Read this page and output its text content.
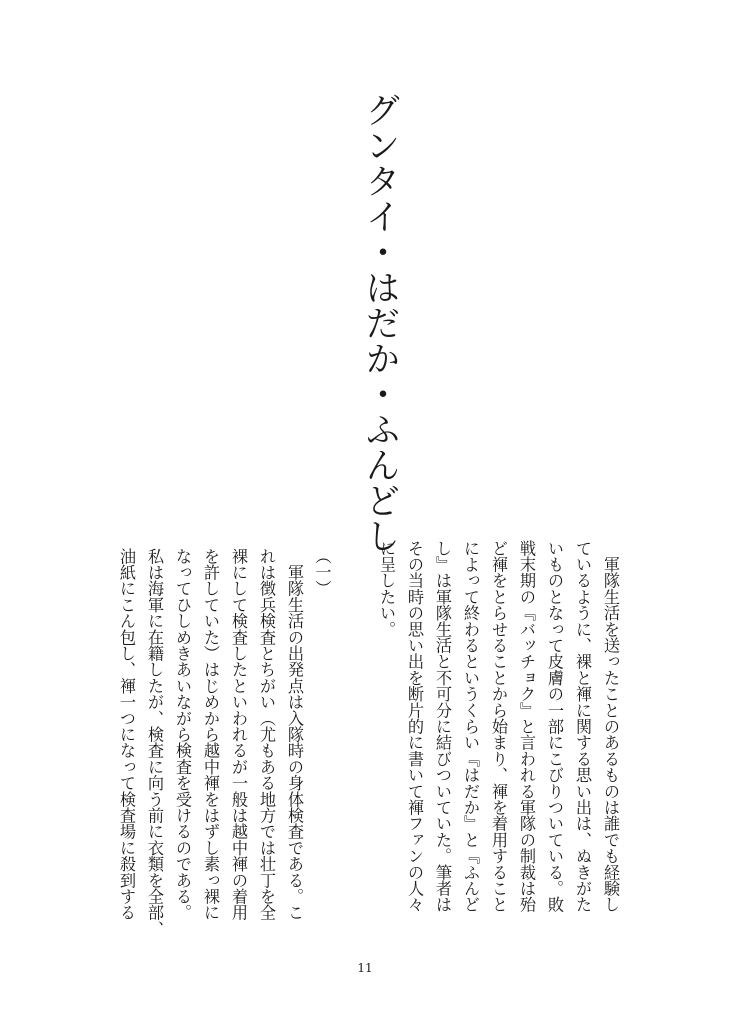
グンタイ・はだか・ふんどし
　軍隊生活を送ったことのあるものは誰でも経験し
ているように、裸と褌に関する思い出は、ぬきがた
いものとなって皮膚の一部にこびりついている。敗
戦末期の『バッチョク』と言われる軍隊の制裁は殆
ど褌をとらせることから始まり、褌を着用すること
によって終わるというくらい『はだか』と『ふんど
し』は軍隊生活と不可分に結びついていた。筆者は
その当時の思い出を断片的に書いて褌ファンの人々
に呈したい。
（一）
　軍隊生活の出発点は入隊時の身体検査である。こ
れは徴兵検査とちがい（尤もある地方では壮丁を全
裸にして検査したといわれるが一般は越中褌の着用
を許していた）はじめから越中褌をはずし素っ裸に
なってひしめきあいながら検査を受けるのである。
私は海軍に在籍したが、検査に向う前に衣類を全部、
油紙にこん包し、褌一つになって検査場に殺到する
11
